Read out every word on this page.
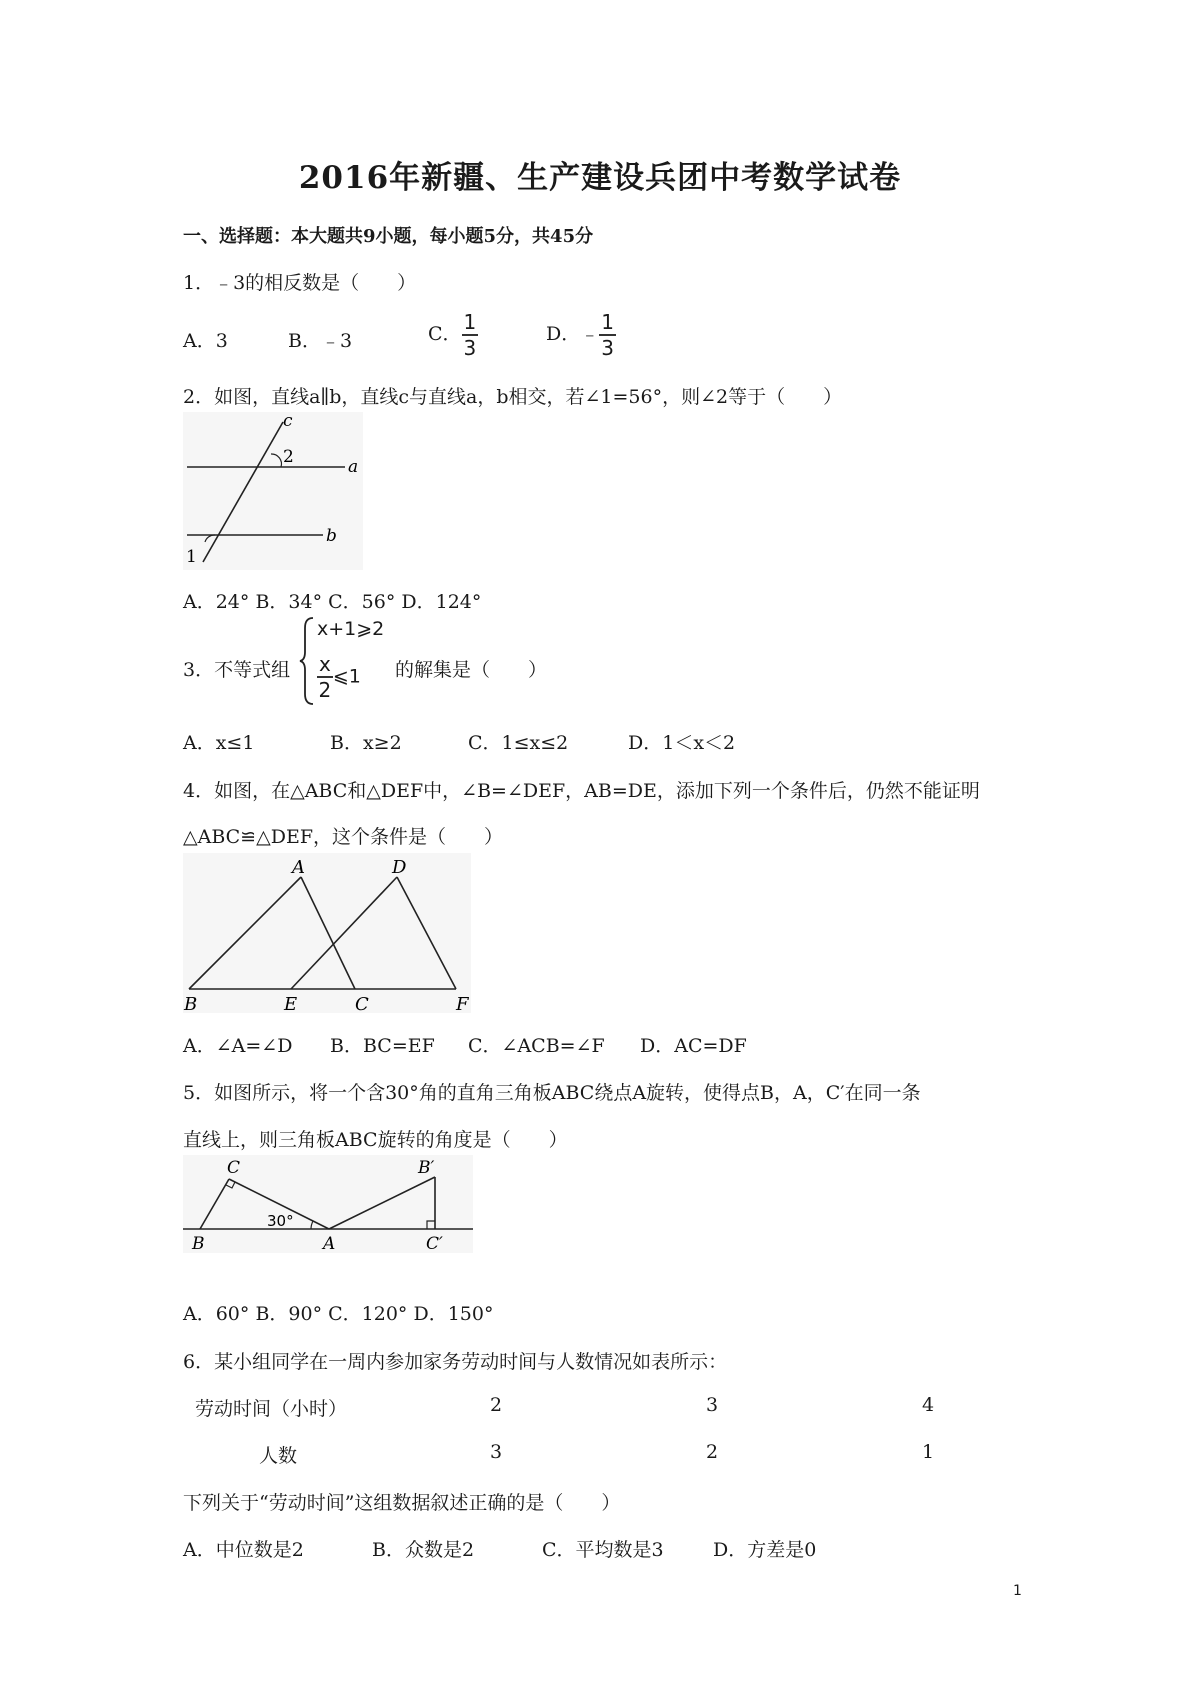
2016年新疆、生产建设兵团中考数学试卷
一、选择题：本大题共9小题，每小题5分，共45分
1．﹣3的相反数是（　　）
A．3	B．﹣3	C． $\frac{1}{3}$	D．﹣ $\frac{1}{3}$
2．如图，直线a∥b，直线c与直线a，b相交，若∠1=56°，则∠2等于（　　）
c
2	a
1
b
A．24° B．34° C．56° D．124°
3．不等式组
x+1⩾2
$\frac{x}{2}$ ⩽1 的解集是（　　）
A．x≤1	B．x≥2	C．1≤x≤2	D．1＜x＜2
4．如图，在△ABC和△DEF中，∠B=∠DEF，AB=DE，添加下列一个条件后，仍然不能证明
△ABC≌△DEF，这个条件是（　　）
A	D
B	E	C	F
A．∠A=∠D B．BC=EF C．∠ACB=∠F D．AC=DF
5．如图所示，将一个含30°角的直角三角板ABC绕点A旋转，使得点B，A，C′在同一条
直线上，则三角板ABC旋转的角度是（　　）
C	B′
30°
B	A	C′
A．60° B．90° C．120° D．150°
6．某小组同学在一周内参加家务劳动时间与人数情况如表所示：
劳动时间（小时）	2	3	4
人数	3	2	1
下列关于“劳动时间”这组数据叙述正确的是（　　）
A．中位数是2	B．众数是2	C．平均数是3	D．方差是0
1
